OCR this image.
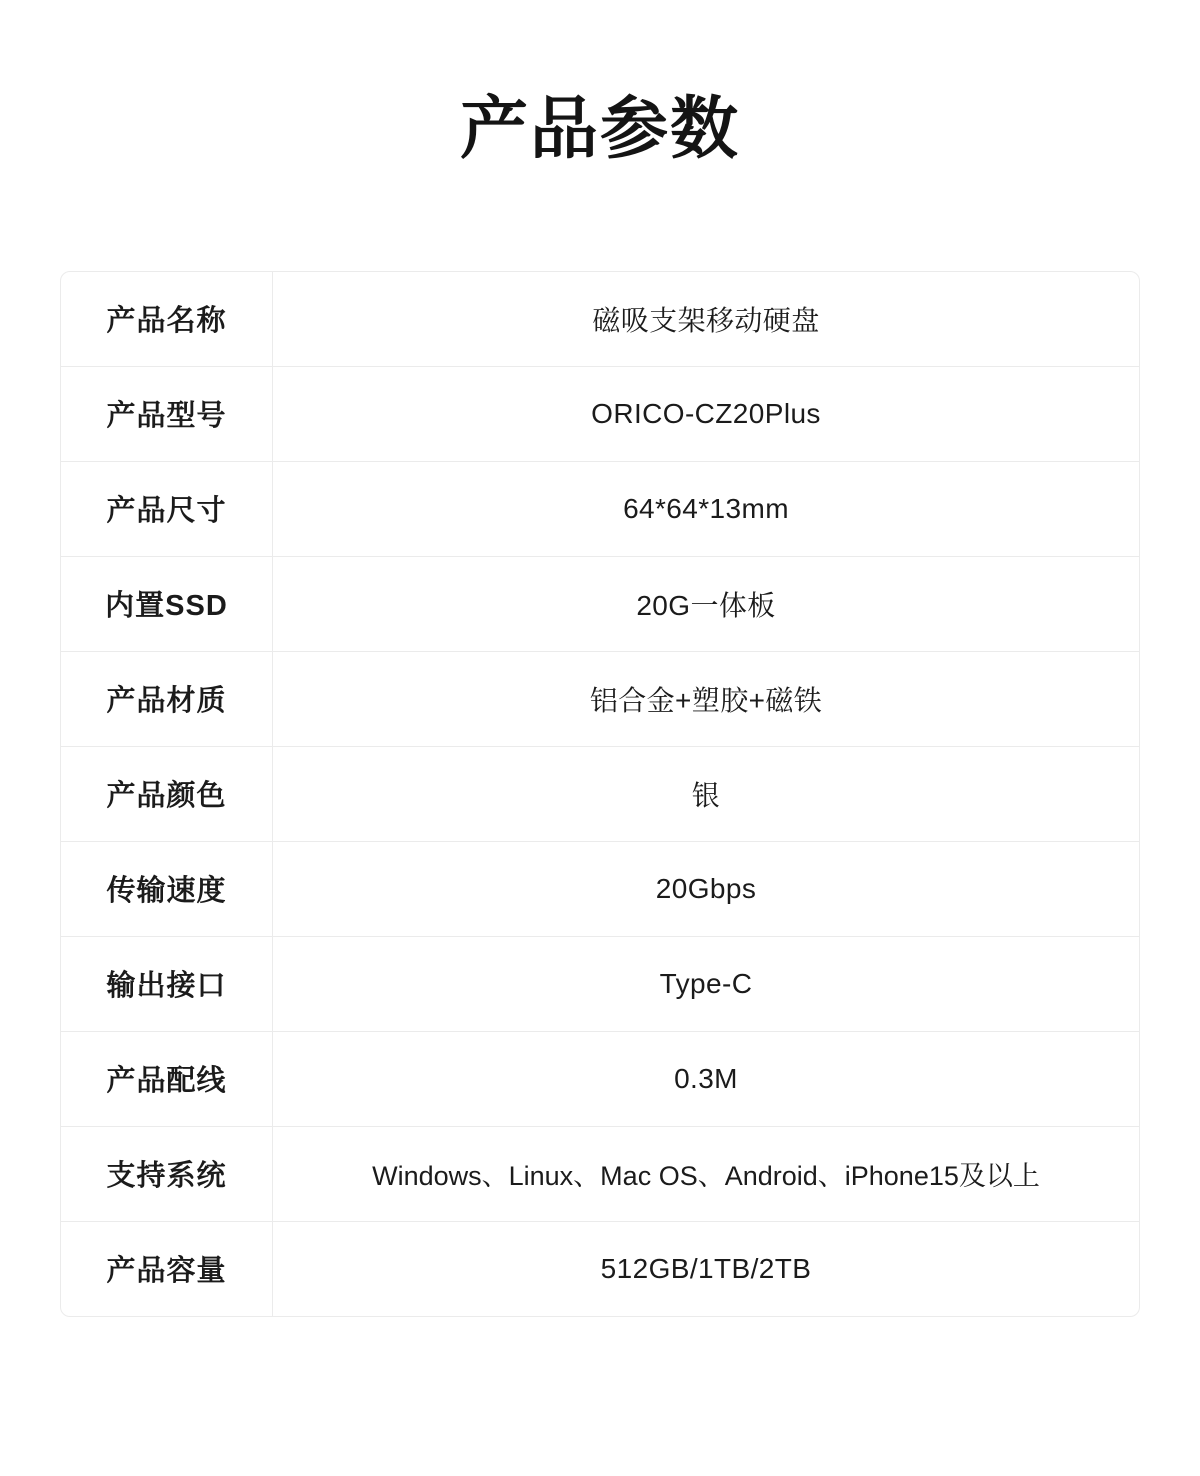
产品参数
产品名称	磁吸支架移动硬盘
产品型号	ORICO-CZ20Plus
产品尺寸	64*64*13mm
内置SSD	20G一体板
产品材质	铝合金+塑胶+磁铁
产品颜色	银
传输速度	20Gbps
输出接口	Type-C
产品配线	0.3M
支持系统	Windows、Linux、Mac OS、Android、iPhone15及以上
产品容量	512GB/1TB/2TB
